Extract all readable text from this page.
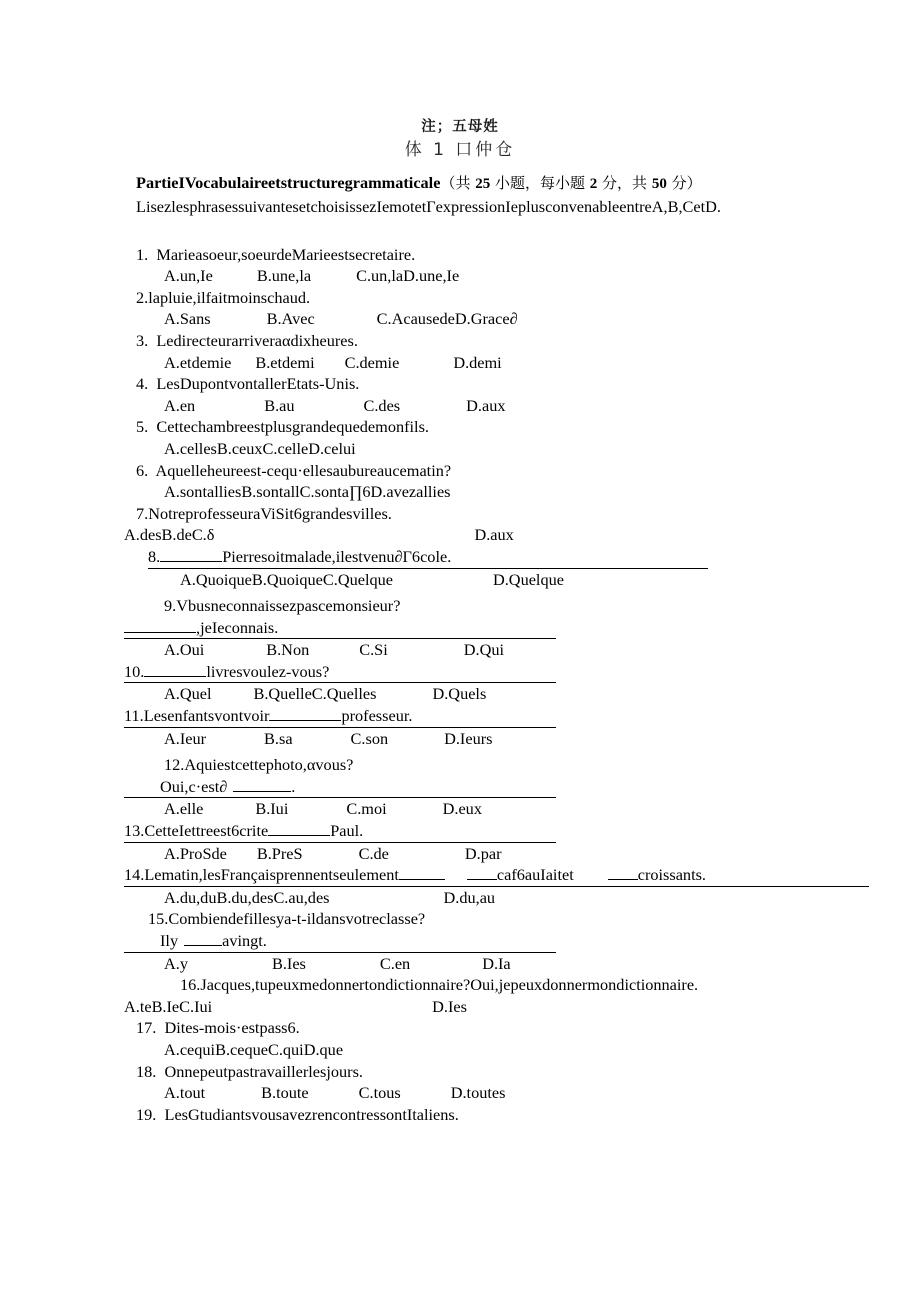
注；五母姓
体 1 口仲仓

PartieIVocabulaireetstructuregrammaticale（共 25 小题，每小题 2 分，共 50 分）

LisezlesphrasessuivantesetchoisissezIemotetΓexpressionIeplusconvenableentreA,B,CetD.

1. Marieasoeur,soeurdeMarieestsecretaire.

A.un,Ie	B.une,la	C.un,laD.une,Ie

2.lapluie,ilfaitmoinschaud.

A.Sans	B.Avec	C.AcausedeD.Grace∂

3. Ledirecteurarriveraαdixheures.

A.etdemie B.etdemi C.demie	D.demi

4. LesDupontvontallerEtats-Unis.

A.en	B.au	C.des	D.aux

5. Cettechambreestplusgrandequedemonfils.

A.cellesB.ceuxC.celleD.celui

6. Aquelleheureest-cequ·ellesaubureaucematin?

A.sontalliesB.sontallC.sonta∏6D.avezallies

7.NotreprofesseuraViSit6grandesvilles.

A.desB.deC.δ	D.aux

8.	Pierresoitmalade,ilestvenu∂Γ6cole.

A.QuoiqueB.QuoiqueC.Quelque	D.Quelque

9.Vbusneconnaissezpascemonsieur?

,jeIeconnais.

A.Oui	B.Non	C.Si	D.Qui

10.	livresvoulez-vous?

A.Quel	B.QuelleC.Quelles	D.Quels

11.Lesenfantsvontvoir	professeur.

A.Ieur	B.sa	C.son	D.Ieurs

12.Aquiestcettephoto,αvous?

Oui,c·est∂	.

A.elle	B.Iui	C.moi	D.eux

13.CetteIettreest6crite	Paul.

A.ProSde B.PreS	C.de	D.par

14.Lematin,lesFrançaisprennentseulement	caf6auIaitet	croissants.

A.du,duB.du,desC.au,des	D.du,au

15.Combiendefillesya-t-ildansvotreclasse?

Ily	avingt.

A.y	B.Ies	C.en	D.Ia

16.Jacques,tupeuxmedonnertondictionnaire?Oui,jepeuxdonnermondictionnaire.

A.teB.IeC.Iui	D.Ies

17. Dites-mois·estpass6.

A.cequiB.cequeC.quiD.que

18. Onnepeutpastravaillerlesjours.

A.tout	B.toute	C.tous	D.toutes

19. LesGtudiantsvousavezrencontressontItaliens.
